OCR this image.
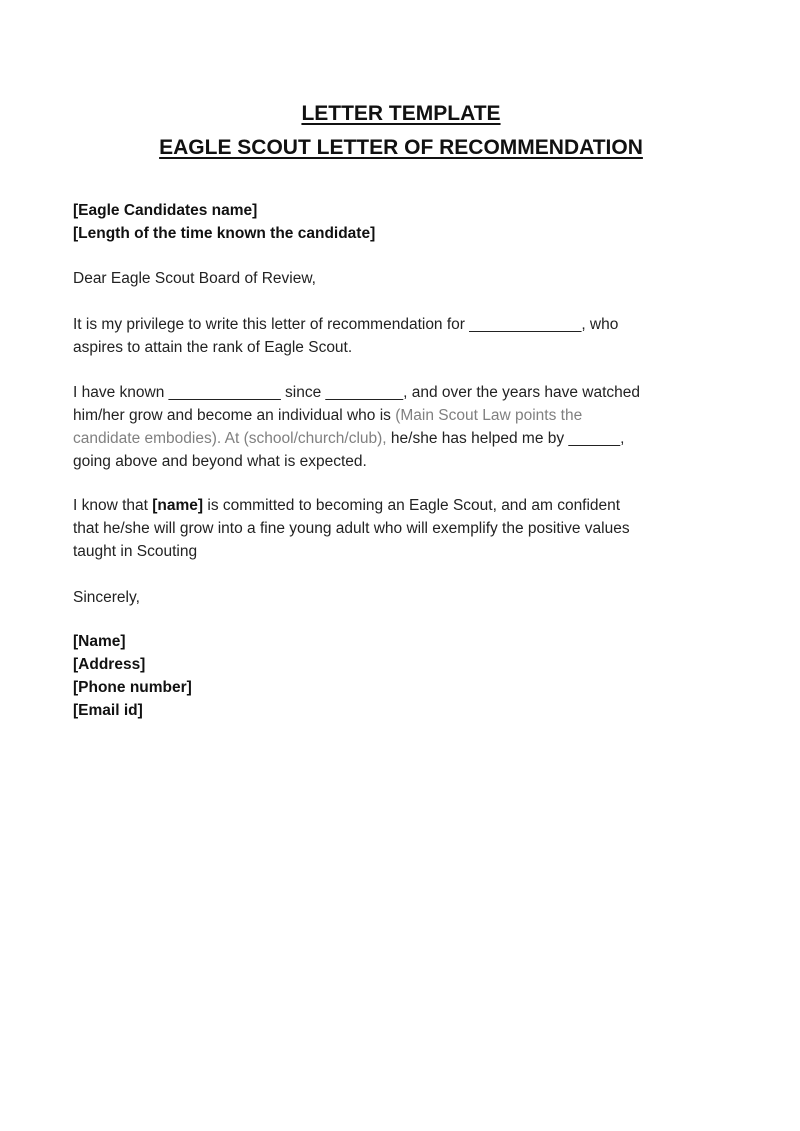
LETTER TEMPLATE
EAGLE SCOUT LETTER OF RECOMMENDATION

[Eagle Candidates name]

[Length of the time known the candidate]

Dear Eagle Scout Board of Review,

It is my privilege to write this letter of recommendation for _____________, who

aspires to attain the rank of Eagle Scout.

I have known _____________ since _________, and over the years have watched

him/her grow and become an individual who is (Main Scout Law points the

candidate embodies). At (school/church/club), he/she has helped me by ______,

going above and beyond what is expected.

I know that [name] is committed to becoming an Eagle Scout, and am confident

that he/she will grow into a fine young adult who will exemplify the positive values

taught in Scouting

Sincerely,

[Name]

[Address]

[Phone number]

[Email id]
